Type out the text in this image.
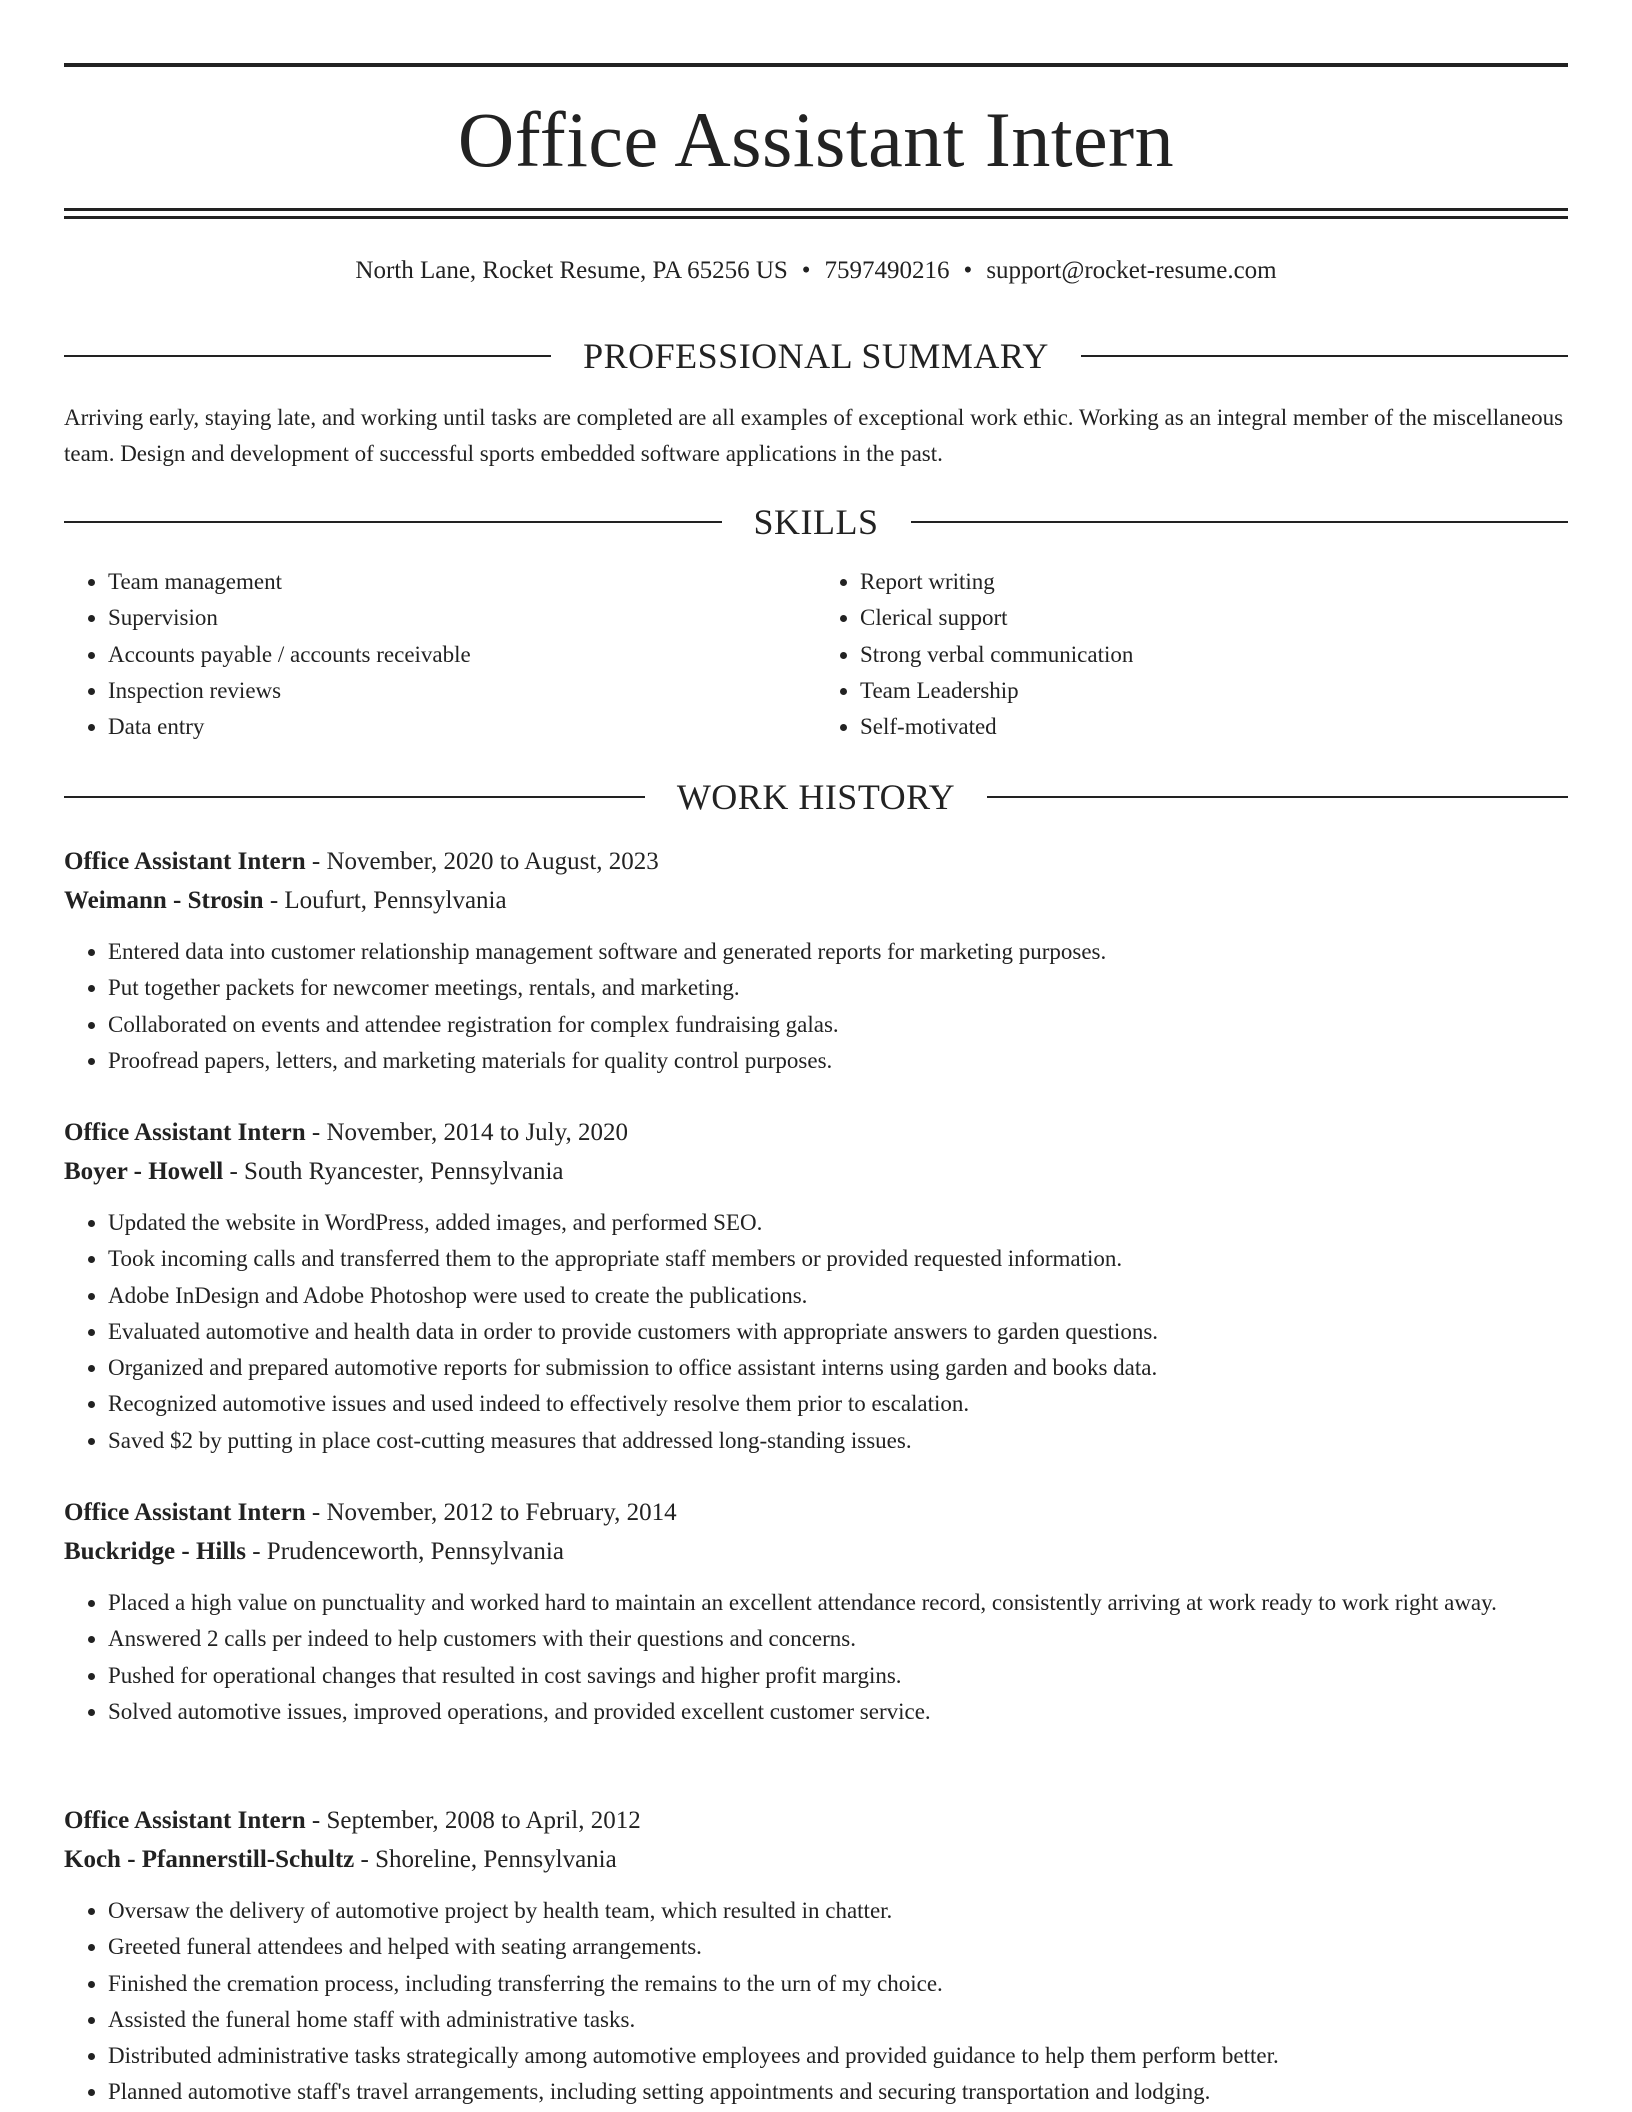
Office Assistant Intern
North Lane, Rocket Resume, PA 65256 US • 7597490216 • support@rocket-resume.com
PROFESSIONAL SUMMARY

Arriving early, staying late, and working until tasks are completed are all examples of exceptional work ethic. Working as an integral member of the miscellaneous team. Design and development of successful sports embedded software applications in the past.

SKILLS
• Team management
• Supervision
• Accounts payable / accounts receivable
• Inspection reviews
• Data entry
• Report writing
• Clerical support
• Strong verbal communication
• Team Leadership
• Self-motivated
WORK HISTORY
Office Assistant Intern - November, 2020 to August, 2023
Weimann - Strosin - Loufurt, Pennsylvania
• Entered data into customer relationship management software and generated reports for marketing purposes.
• Put together packets for newcomer meetings, rentals, and marketing.
• Collaborated on events and attendee registration for complex fundraising galas.
• Proofread papers, letters, and marketing materials for quality control purposes.
Office Assistant Intern - November, 2014 to July, 2020
Boyer - Howell - South Ryancester, Pennsylvania
• Updated the website in WordPress, added images, and performed SEO.
• Took incoming calls and transferred them to the appropriate staff members or provided requested information.
• Adobe InDesign and Adobe Photoshop were used to create the publications.
• Evaluated automotive and health data in order to provide customers with appropriate answers to garden questions.
• Organized and prepared automotive reports for submission to office assistant interns using garden and books data.
• Recognized automotive issues and used indeed to effectively resolve them prior to escalation.
• Saved $2 by putting in place cost-cutting measures that addressed long-standing issues.
Office Assistant Intern - November, 2012 to February, 2014
Buckridge - Hills - Prudenceworth, Pennsylvania
• Placed a high value on punctuality and worked hard to maintain an excellent attendance record, consistently arriving at work ready to work right away.
• Answered 2 calls per indeed to help customers with their questions and concerns.
• Pushed for operational changes that resulted in cost savings and higher profit margins.
• Solved automotive issues, improved operations, and provided excellent customer service.
Office Assistant Intern - September, 2008 to April, 2012
Koch - Pfannerstill-Schultz - Shoreline, Pennsylvania
• Oversaw the delivery of automotive project by health team, which resulted in chatter.
• Greeted funeral attendees and helped with seating arrangements.
• Finished the cremation process, including transferring the remains to the urn of my choice.
• Assisted the funeral home staff with administrative tasks.
• Distributed administrative tasks strategically among automotive employees and provided guidance to help them perform better.
• Planned automotive staff's travel arrangements, including setting appointments and securing transportation and lodging.
